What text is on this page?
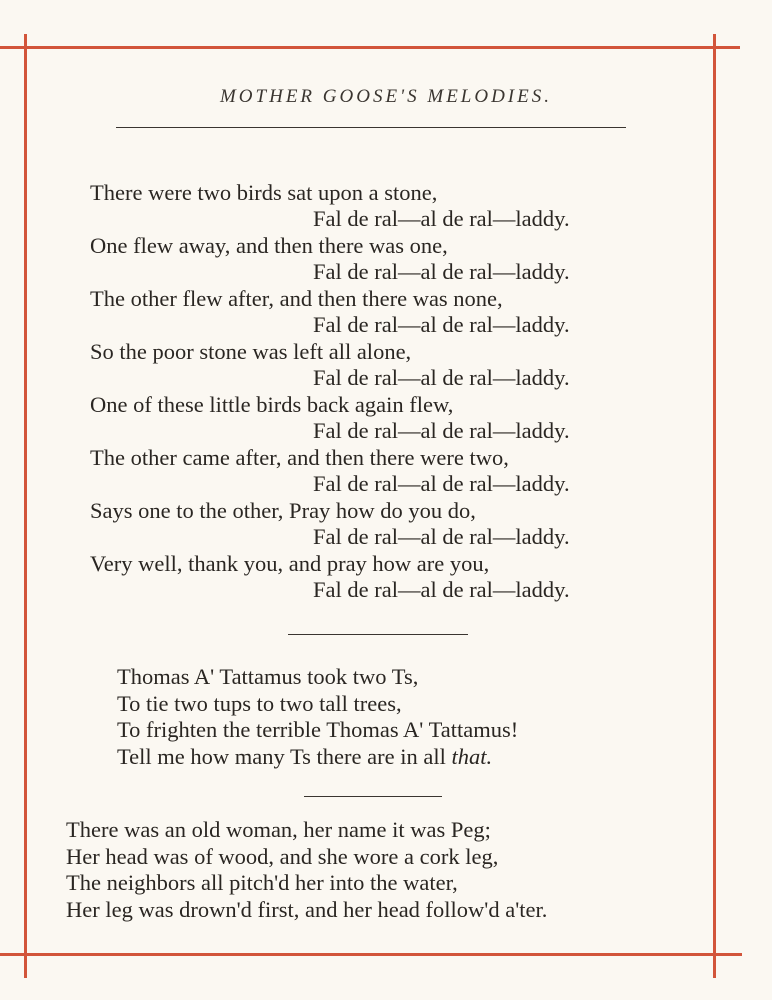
MOTHER GOOSE'S MELODIES.
There were two birds sat upon a stone,
Fal de ral—al de ral—laddy.
One flew away, and then there was one,
Fal de ral—al de ral—laddy.
The other flew after, and then there was none,
Fal de ral—al de ral—laddy.
So the poor stone was left all alone,
Fal de ral—al de ral—laddy.
One of these little birds back again flew,
Fal de ral—al de ral—laddy.
The other came after, and then there were two,
Fal de ral—al de ral—laddy.
Says one to the other, Pray how do you do,
Fal de ral—al de ral—laddy.
Very well, thank you, and pray how are you,
Fal de ral—al de ral—laddy.
Thomas A' Tattamus took two Ts,
To tie two tups to two tall trees,
To frighten the terrible Thomas A' Tattamus!
Tell me how many Ts there are in all that.
There was an old woman, her name it was Peg;
Her head was of wood, and she wore a cork leg,
The neighbors all pitch'd her into the water,
Her leg was drown'd first, and her head follow'd a'ter.
